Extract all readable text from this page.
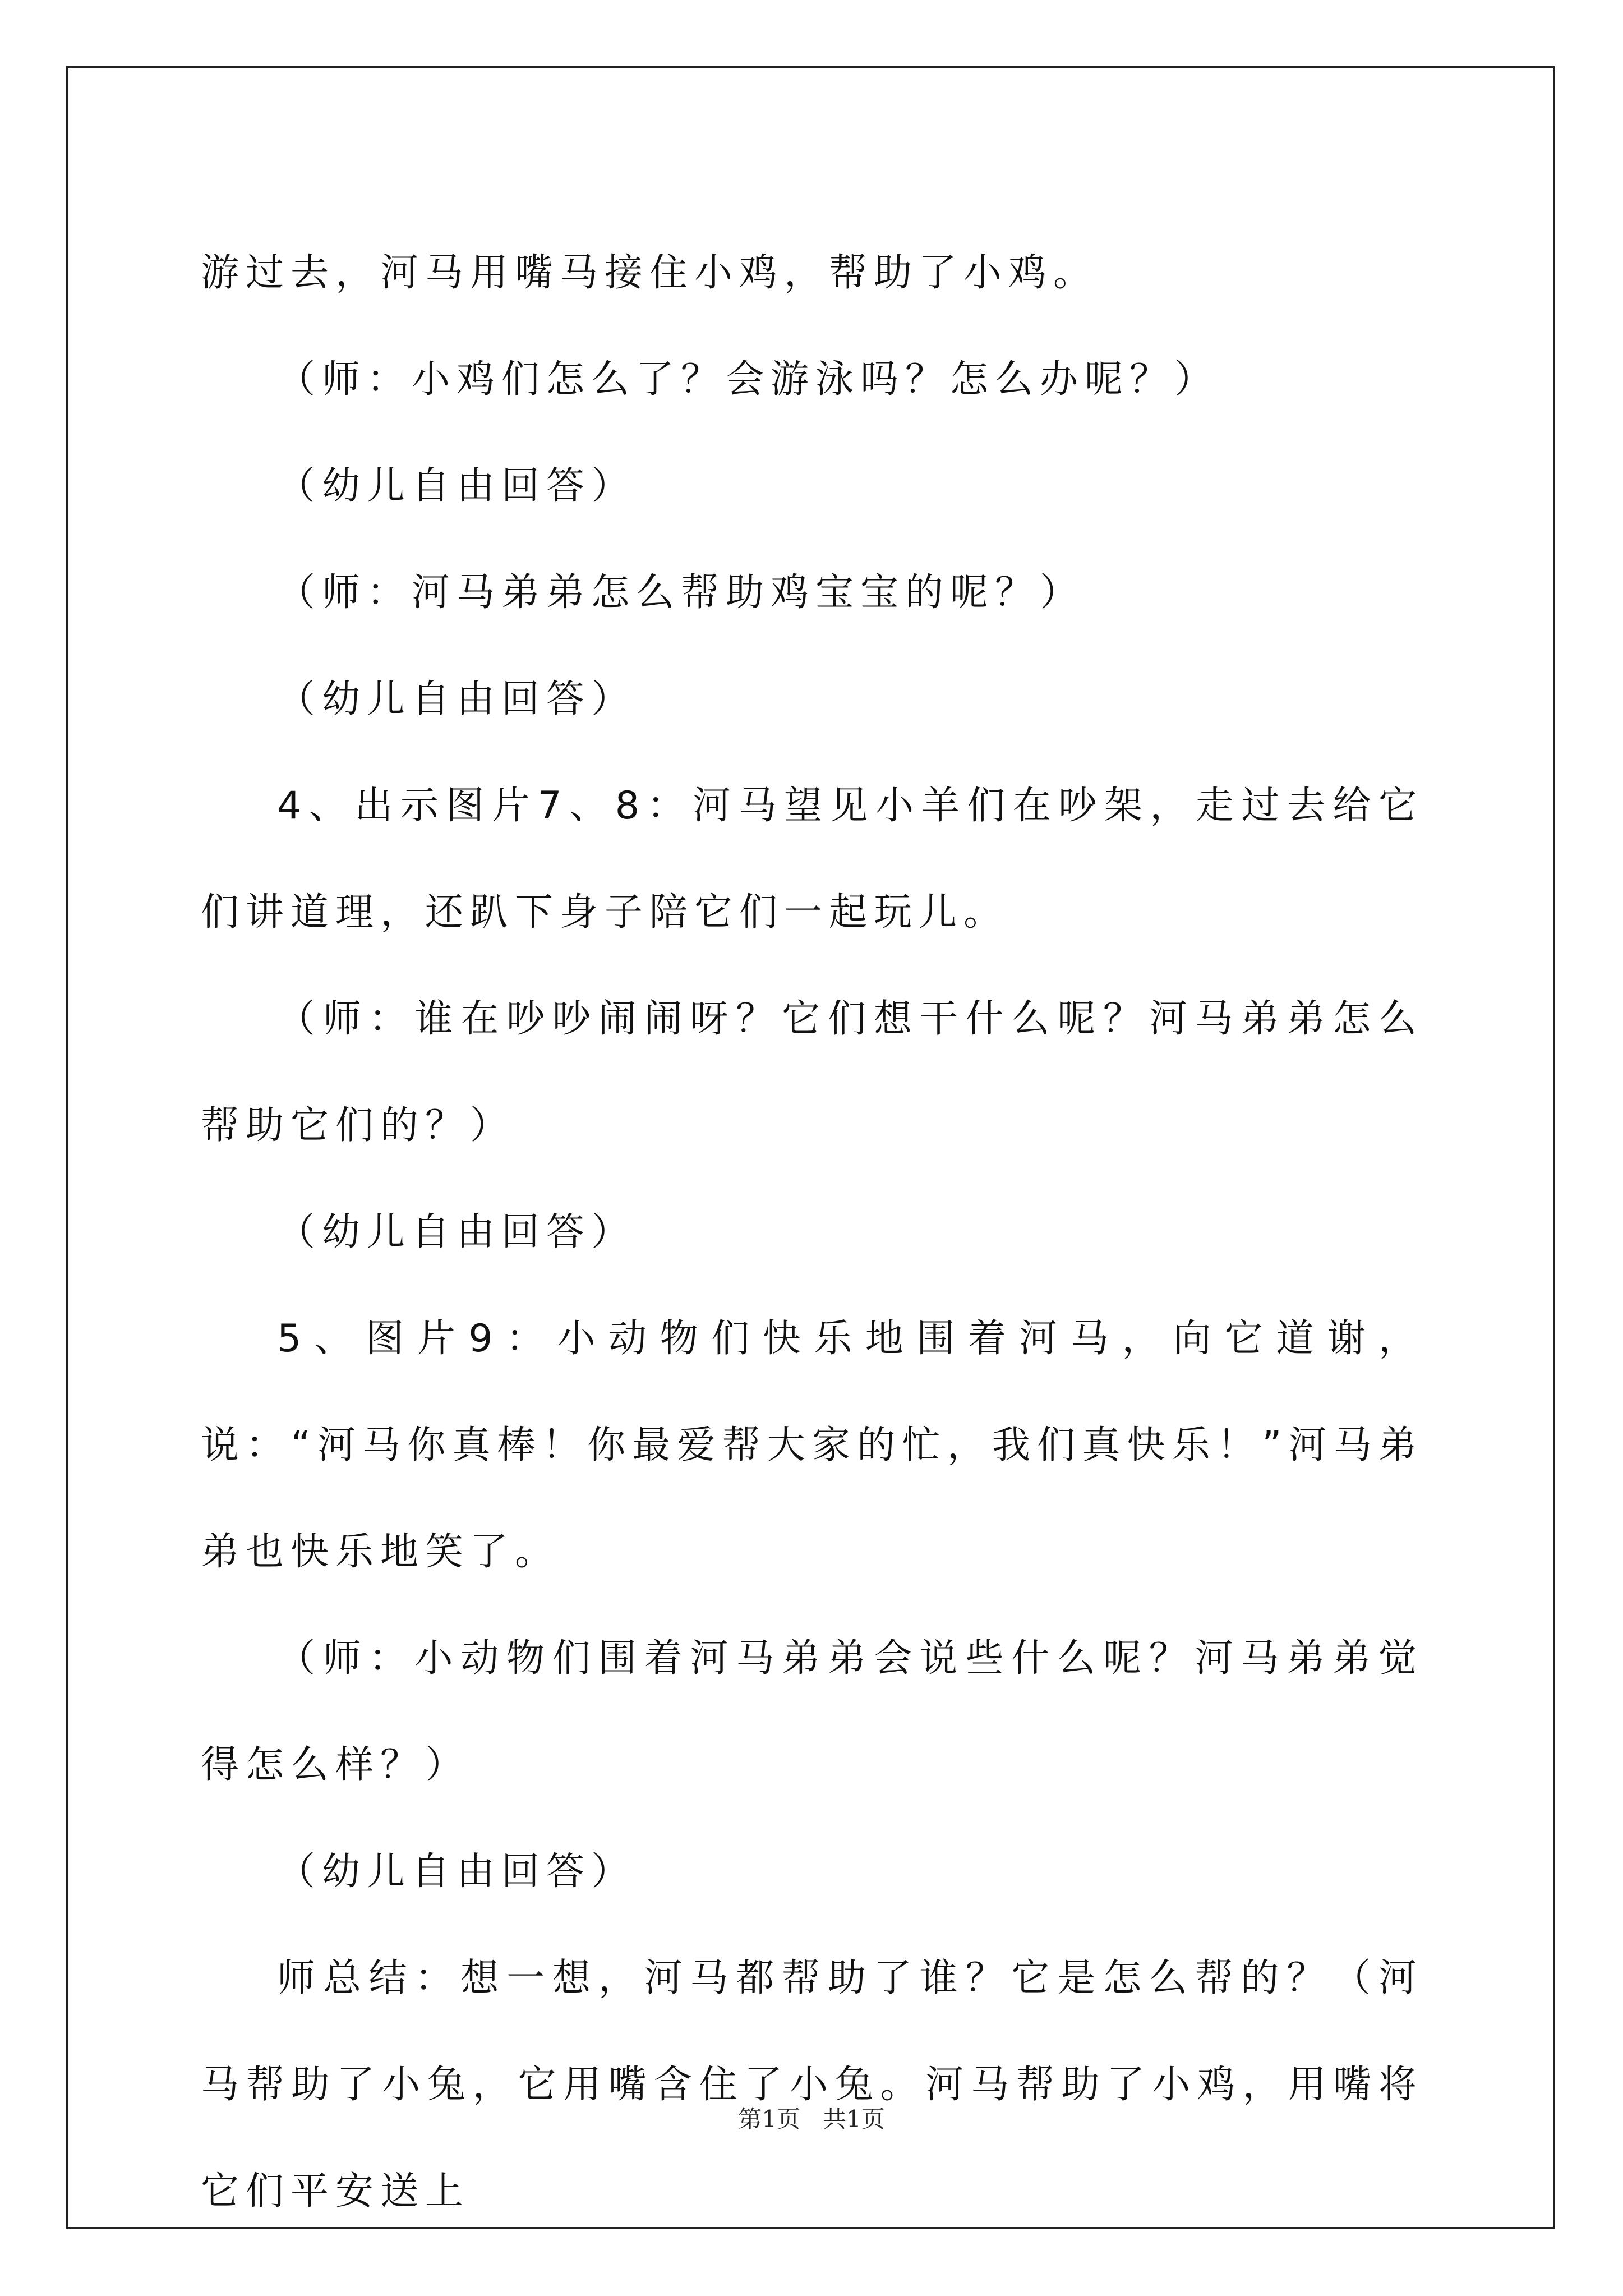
游过去，河马用嘴马接住小鸡，帮助了小鸡。

（师：小鸡们怎么了？会游泳吗？怎么办呢？）

（幼儿自由回答）

（师：河马弟弟怎么帮助鸡宝宝的呢？）

（幼儿自由回答）

4、出示图片7、8：河马望见小羊们在吵架，走过去给它们讲道理，还趴下身子陪它们一起玩儿。

（师：谁在吵吵闹闹呀？它们想干什么呢？河马弟弟怎么帮助它们的？）

（幼儿自由回答）

5、图片9：小动物们快乐地围着河马，向它道谢，说：“河马你真棒！你最爱帮大家的忙，我们真快乐！”河马弟弟也快乐地笑了。

（师：小动物们围着河马弟弟会说些什么呢？河马弟弟觉得怎么样？）

（幼儿自由回答）

师总结：想一想，河马都帮助了谁？它是怎么帮的？（河马帮助了小兔，它用嘴含住了小兔。河马帮助了小鸡，用嘴将它们平安送上

第1页   共1页
